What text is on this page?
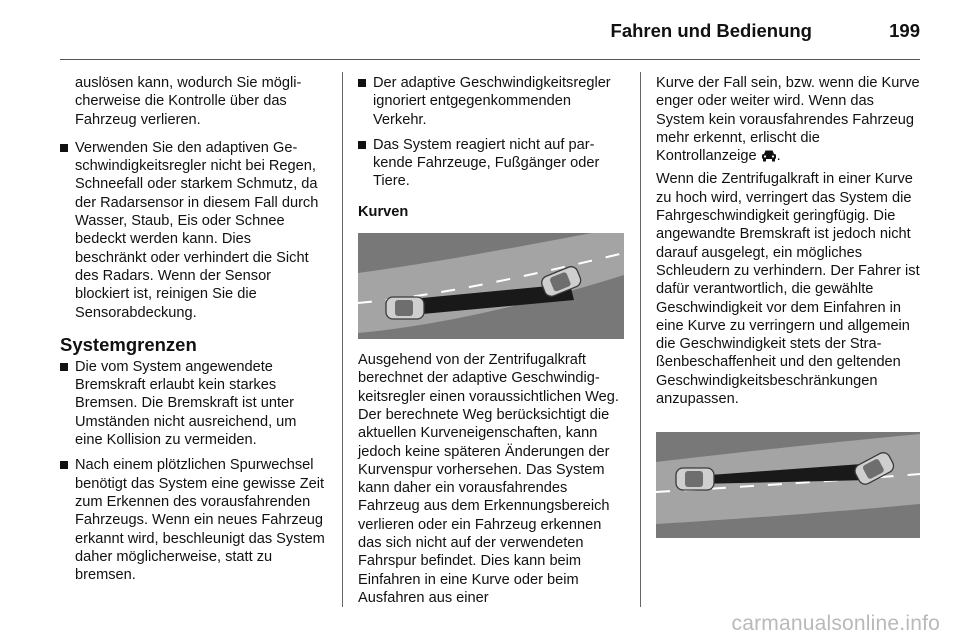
Fahren und Bedienung	199

auslösen kann, wodurch Sie möglicherweise die Kontrolle über das Fahrzeug verlieren.

Verwenden Sie den adaptiven Geschwindigkeitsregler nicht bei Regen, Schneefall oder starkem Schmutz, da der Radarsensor in diesem Fall durch Wasser, Staub, Eis oder Schnee bedeckt werden kann. Dies beschränkt oder verhindert die Sicht des Radars. Wenn der Sensor blockiert ist, reinigen Sie die Sensorabdeckung.
Systemgrenzen
Die vom System angewendete Bremskraft erlaubt kein starkes Bremsen. Die Bremskraft ist unter Umständen nicht ausreichend, um eine Kollision zu vermeiden.
Nach einem plötzlichen Spurwechsel benötigt das System eine gewisse Zeit zum Erkennen des vorausfahrenden Fahrzeugs. Wenn ein neues Fahrzeug erkannt wird, beschleunigt das System daher möglicherweise, statt zu bremsen.
Der adaptive Geschwindigkeitsregler ignoriert entgegenkommenden Verkehr.
Das System reagiert nicht auf parkende Fahrzeuge, Fußgänger oder Tiere.
Kurven

Ausgehend von der Zentrifugalkraft berechnet der adaptive Geschwindigkeitsregler einen voraussichtlichen Weg. Der berechnete Weg berücksichtigt die aktuellen Kurveneigenschaften, kann jedoch keine späteren Änderungen der Kurvenspur vorhersehen. Das System kann daher ein vorausfahrendes Fahrzeug aus dem Erkennungsbereich verlieren oder ein Fahrzeug erkennen das sich nicht auf der verwendeten Fahrspur befindet. Dies kann beim Einfahren in eine Kurve oder beim Ausfahren aus einer

Kurve der Fall sein, bzw. wenn die Kurve enger oder weiter wird. Wenn das System kein vorausfahrendes Fahrzeug mehr erkennt, erlischt die Kontrollanzeige .

Wenn die Zentrifugalkraft in einer Kurve zu hoch wird, verringert das System die Fahrgeschwindigkeit geringfügig. Die angewandte Bremskraft ist jedoch nicht darauf ausgelegt, ein mögliches Schleudern zu verhindern. Der Fahrer ist dafür verantwortlich, die gewählte Geschwindigkeit vor dem Einfahren in eine Kurve zu verringern und allgemein die Geschwindigkeit stets der Straßenbeschaffenheit und den geltenden Geschwindigkeitsbeschränkungen anzupassen.

carmanualsonline.info
